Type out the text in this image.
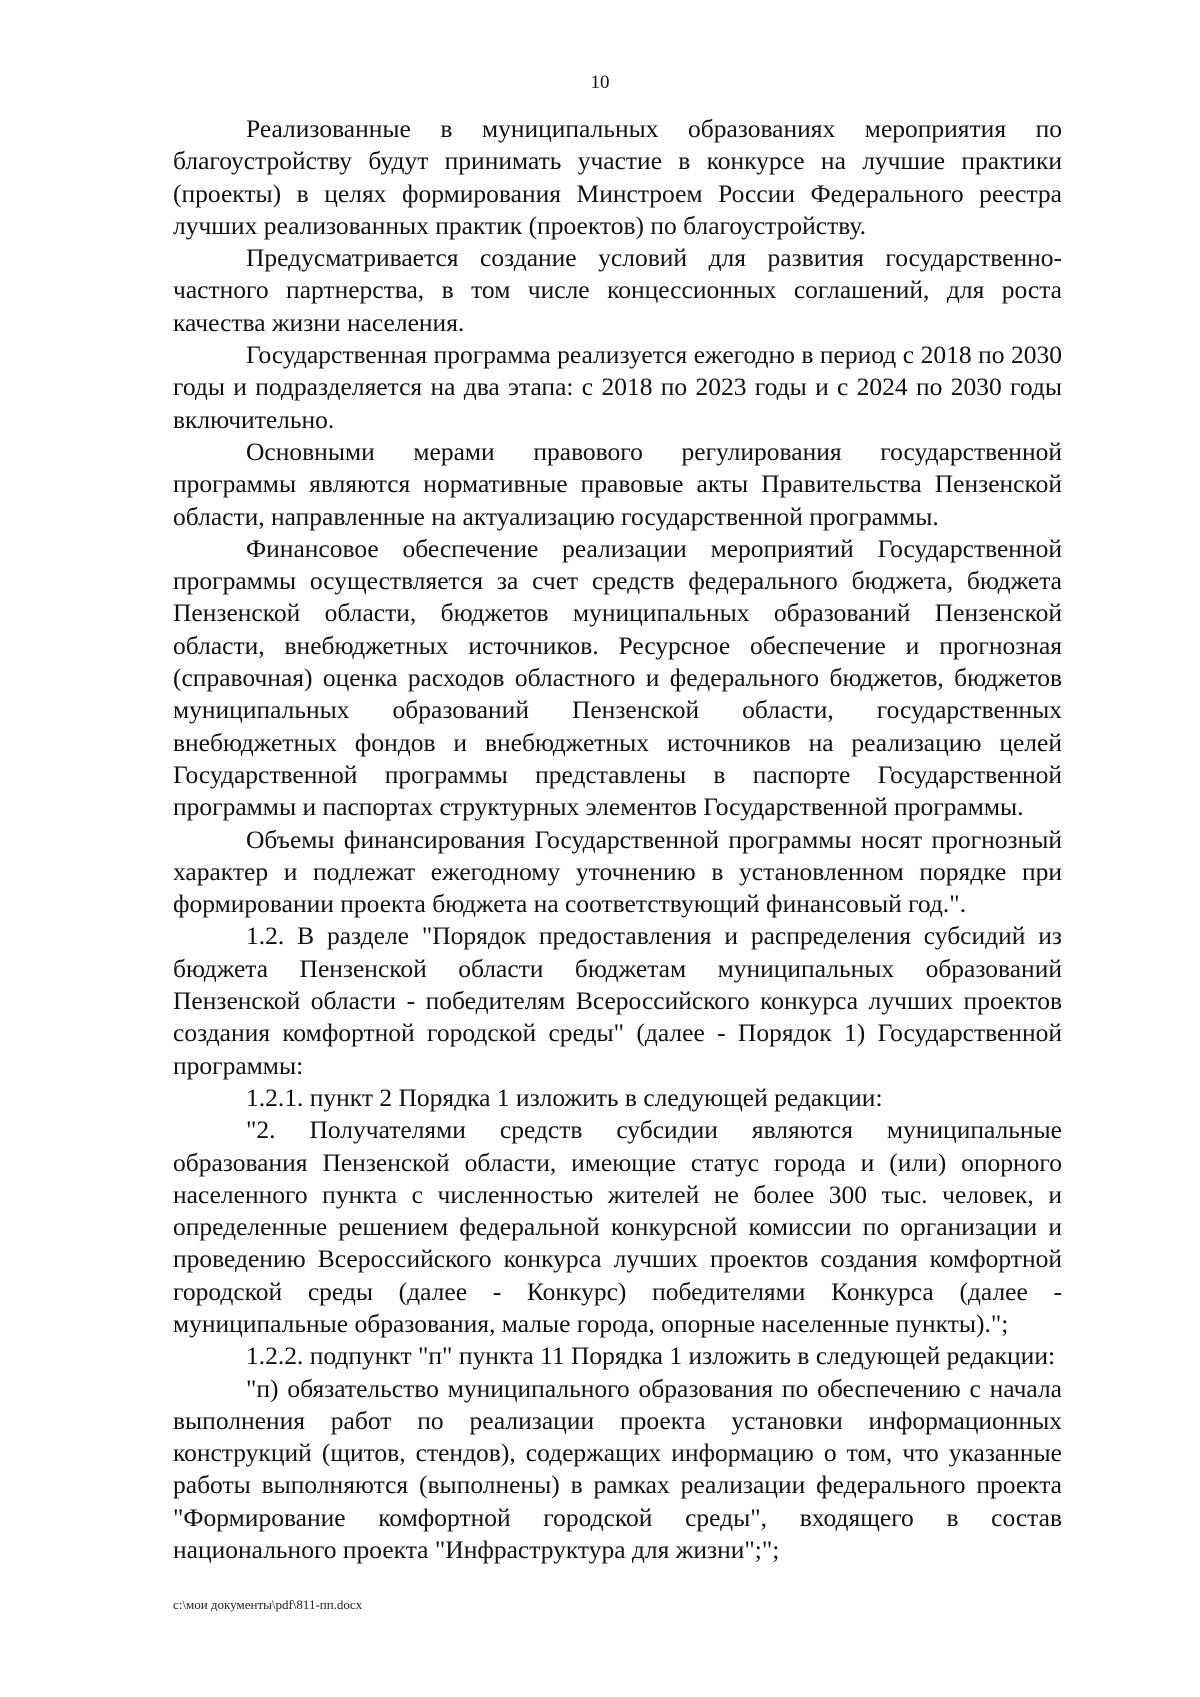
10

Реализованные в муниципальных образованиях мероприятия по благоустройству будут принимать участие в конкурсе на лучшие практики (проекты) в целях формирования Минстроем России Федерального реестра лучших реализованных практик (проектов) по благоустройству.

Предусматривается создание условий для развития государственно-частного партнерства, в том числе концессионных соглашений, для роста качества жизни населения.

Государственная программа реализуется ежегодно в период с 2018 по 2030 годы и подразделяется на два этапа: с 2018 по 2023 годы и с 2024 по 2030 годы включительно.

Основными мерами правового регулирования государственной программы являются нормативные правовые акты Правительства Пензенской области, направленные на актуализацию государственной программы.

Финансовое обеспечение реализации мероприятий Государственной программы осуществляется за счет средств федерального бюджета, бюджета Пензенской области, бюджетов муниципальных образований Пензенской области, внебюджетных источников. Ресурсное обеспечение и прогнозная (справочная) оценка расходов областного и федерального бюджетов, бюджетов муниципальных образований Пензенской области, государственных внебюджетных фондов и внебюджетных источников на реализацию целей Государственной программы представлены в паспорте Государственной программы и паспортах структурных элементов Государственной программы.

Объемы финансирования Государственной программы носят прогнозный характер и подлежат ежегодному уточнению в установленном порядке при формировании проекта бюджета на соответствующий финансовый год.".

1.2. В разделе "Порядок предоставления и распределения субсидий из бюджета Пензенской области бюджетам муниципальных образований Пензенской области - победителям Всероссийского конкурса лучших проектов создания комфортной городской среды" (далее - Порядок 1) Государственной программы:

1.2.1. пункт 2 Порядка 1 изложить в следующей редакции:

"2. Получателями средств субсидии являются муниципальные образования Пензенской области, имеющие статус города и (или) опорного населенного пункта с численностью жителей не более 300 тыс. человек, и определенные решением федеральной конкурсной комиссии по организации и проведению Всероссийского конкурса лучших проектов создания комфортной городской среды (далее - Конкурс) победителями Конкурса (далее - муниципальные образования, малые города, опорные населенные пункты).";

1.2.2. подпункт "п" пункта 11 Порядка 1 изложить в следующей редакции:

"п) обязательство муниципального образования по обеспечению с начала выполнения работ по реализации проекта установки информационных конструкций (щитов, стендов), содержащих информацию о том, что указанные работы выполняются (выполнены) в рамках реализации федерального проекта "Формирование комфортной городской среды", входящего в состав национального проекта "Инфраструктура для жизни";";

c:\мои документы\pdf\811-пп.docx
